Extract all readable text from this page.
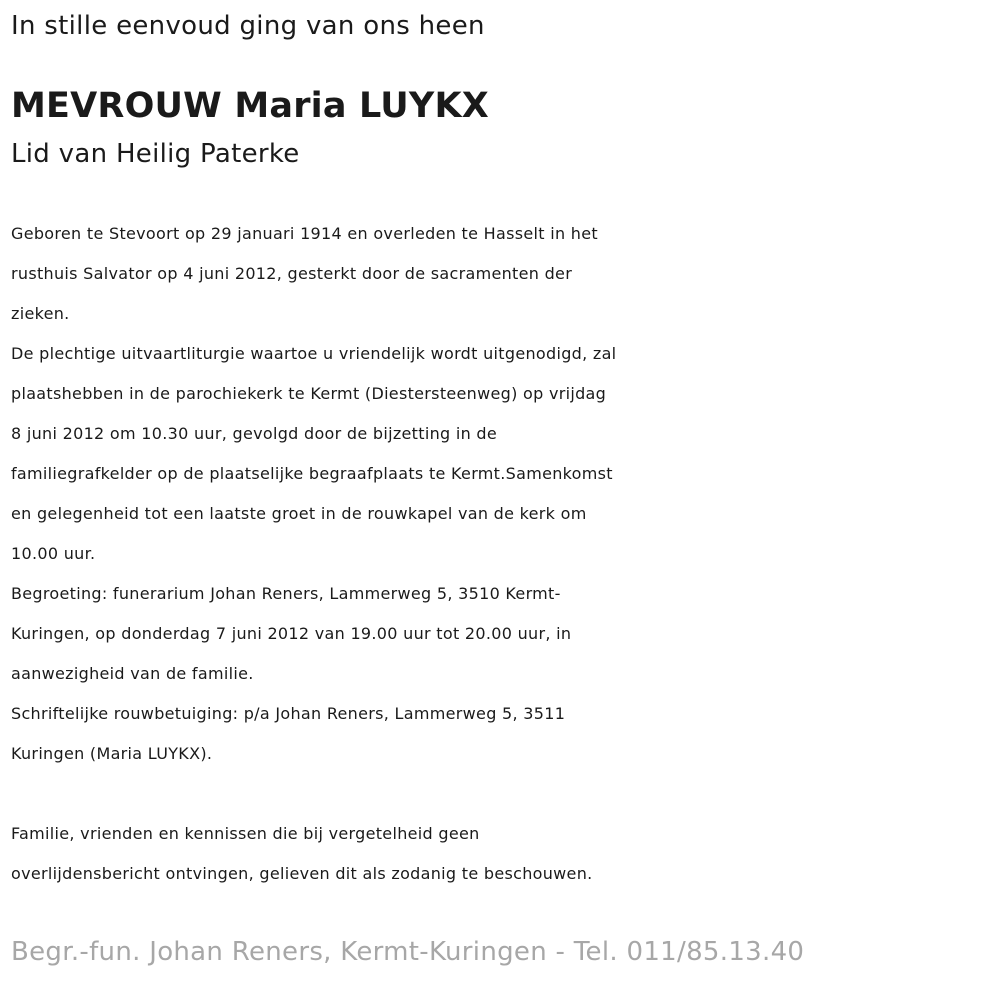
In stille eenvoud ging van ons heen
MEVROUW Maria LUYKX
Lid van Heilig Paterke
Geboren te Stevoort op 29 januari 1914 en overleden te Hasselt in het
rusthuis Salvator op 4 juni 2012, gesterkt door de sacramenten der
zieken.
De plechtige uitvaartliturgie waartoe u vriendelijk wordt uitgenodigd, zal
plaatshebben in de parochiekerk te Kermt (Diestersteenweg) op vrijdag
8 juni 2012 om 10.30 uur, gevolgd door de bijzetting in de
familiegrafkelder op de plaatselijke begraafplaats te Kermt.Samenkomst
en gelegenheid tot een laatste groet in de rouwkapel van de kerk om
10.00 uur.
Begroeting: funerarium Johan Reners, Lammerweg 5, 3510 Kermt-
Kuringen, op donderdag 7 juni 2012 van 19.00 uur tot 20.00 uur, in
aanwezigheid van de familie.
Schriftelijke rouwbetuiging: p/a Johan Reners, Lammerweg 5, 3511
Kuringen (Maria LUYKX).
Familie, vrienden en kennissen die bij vergetelheid geen
overlijdensbericht ontvingen, gelieven dit als zodanig te beschouwen.
Begr.-fun. Johan Reners, Kermt-Kuringen - Tel. 011/85.13.40
